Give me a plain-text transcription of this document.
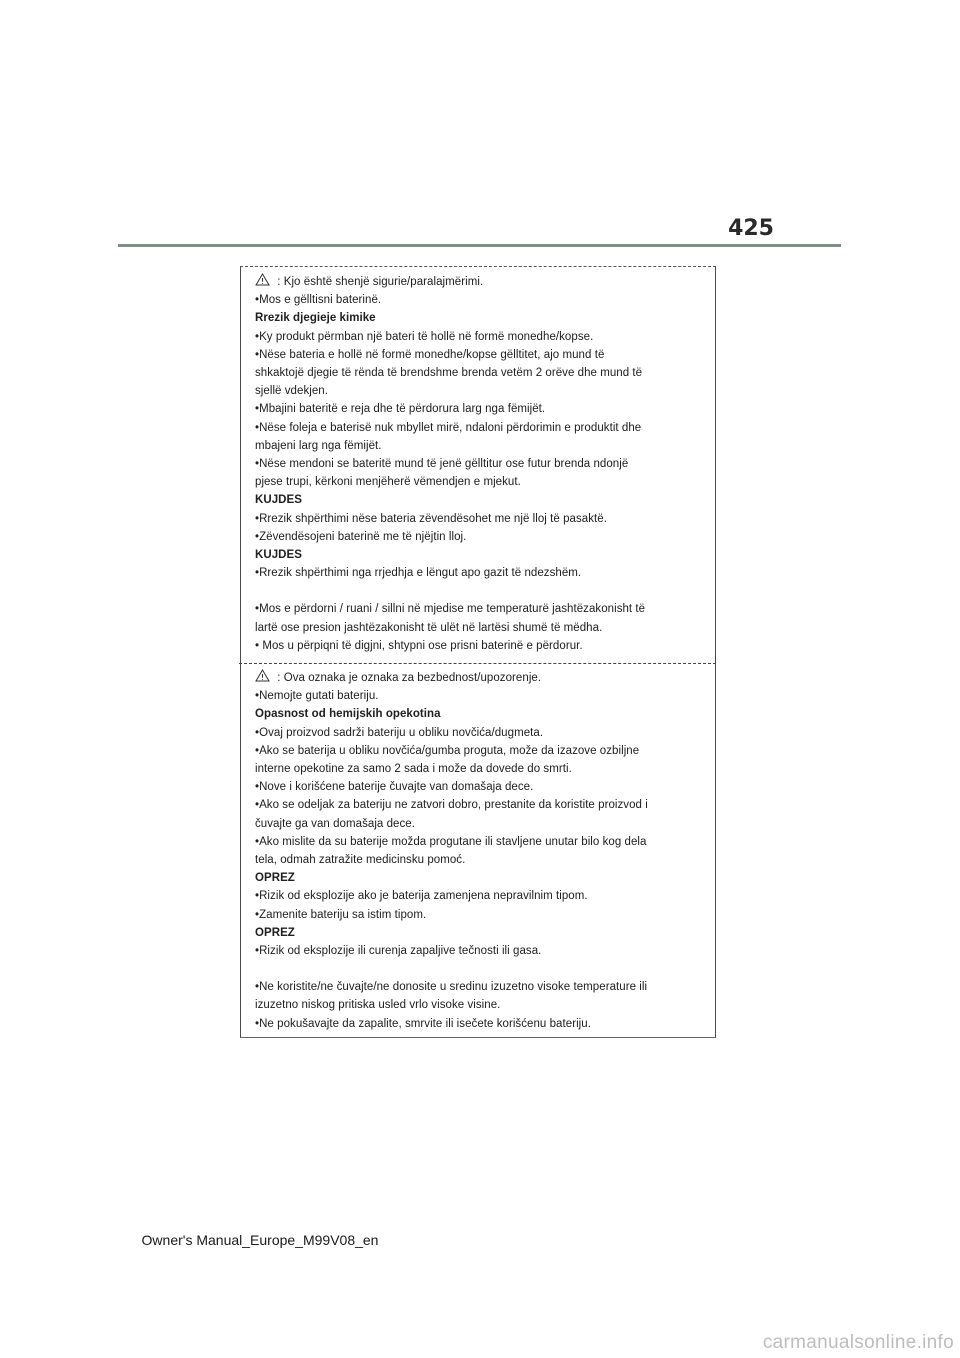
425
: Kjo është shenjë sigurie/paralajmërimi.
•Mos e gëlltisni baterinë.
Rrezik djegieje kimike
•Ky produkt përmban një bateri të hollë në formë monedhe/kopse.
•Nëse bateria e hollë në formë monedhe/kopse gëlltitet, ajo mund të
shkaktojë djegie të rënda të brendshme brenda vetëm 2 orëve dhe mund të
sjellë vdekjen.
•Mbajini bateritë e reja dhe të përdorura larg nga fëmijët.
•Nëse foleja e baterisë nuk mbyllet mirë, ndaloni përdorimin e produktit dhe
mbajeni larg nga fëmijët.
•Nëse mendoni se bateritë mund të jenë gëlltitur ose futur brenda ndonjë
pjese trupi, kërkoni menjëherë vëmendjen e mjekut.
KUJDES
•Rrezik shpërthimi nëse bateria zëvendësohet me një lloj të pasaktë.
•Zëvendësojeni baterinë me të njëjtin lloj.
KUJDES
•Rrezik shpërthimi nga rrjedhja e lëngut apo gazit të ndezshëm.
•Mos e përdorni / ruani / sillni në mjedise me temperaturë jashtëzakonisht të
lartë ose presion jashtëzakonisht të ulët në lartësi shumë të mëdha.
• Mos u përpiqni të digjni, shtypni ose prisni baterinë e përdorur.
: Ova oznaka je oznaka za bezbednost/upozorenje.
•Nemojte gutati bateriju.
Opasnost od hemijskih opekotina
•Ovaj proizvod sadrži bateriju u obliku novčića/dugmeta.
•Ako se baterija u obliku novčića/gumba proguta, može da izazove ozbiljne
interne opekotine za samo 2 sada i može da dovede do smrti.
•Nove i korišćene baterije čuvajte van domašaja dece.
•Ako se odeljak za bateriju ne zatvori dobro, prestanite da koristite proizvod i
čuvajte ga van domašaja dece.
•Ako mislite da su baterije možda progutane ili stavljene unutar bilo kog dela
tela, odmah zatražite medicinsku pomoć.
OPREZ
•Rizik od eksplozije ako je baterija zamenjena nepravilnim tipom.
•Zamenite bateriju sa istim tipom.
OPREZ
•Rizik od eksplozije ili curenja zapaljive tečnosti ili gasa.
•Ne koristite/ne čuvajte/ne donosite u sredinu izuzetno visoke temperature ili
izuzetno niskog pritiska usled vrlo visoke visine.
•Ne pokušavajte da zapalite, smrvite ili isečete korišćenu bateriju.
Owner's Manual_Europe_M99V08_en
carmanualsonline.info
